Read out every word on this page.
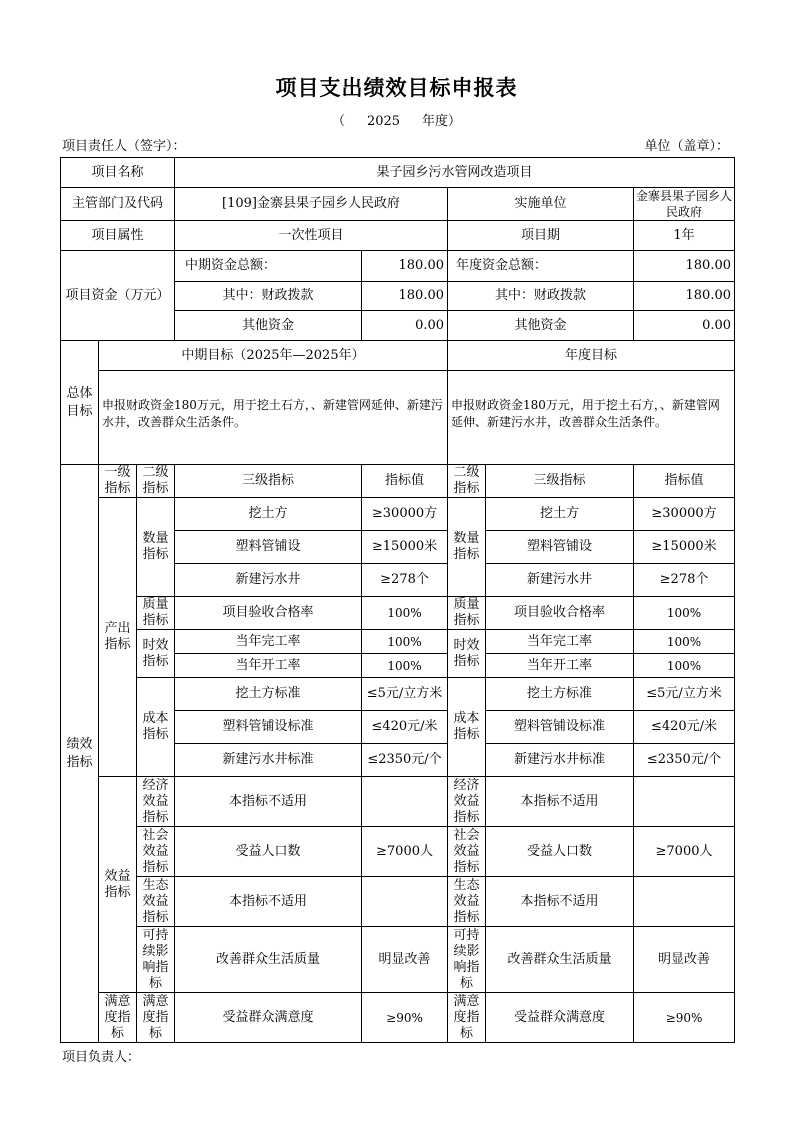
项目支出绩效目标申报表
（ 2025 年度）
项目责任人（签字）：	单位（盖章）：
项目名称			果子园乡污水管网改造项目				
主管部门及代码			[109]金寨县果子园乡人民政府		实施单位		金寨县果子园乡人民政府
项目属性			一次性项目		项目期		1年
项目资金（万元）			中期资金总额：	180.00	年度资金总额：		180.00
			其中：财政拨款	180.00	其中：财政拨款		180.00
			其他资金	0.00	其他资金		0.00
总体目标	中期目标（2025年—2025年）				年度目标		
	申报财政资金180万元，用于挖土石方，、新建管网延伸、新建污水井，改善群众生活条件。				申报财政资金180万元，用于挖土石方，、新建管网延伸、新建污水井，改善群众生活条件。		
绩效指标	一级指标	二级指标	三级指标	指标值	二级指标	三级指标	指标值
	产出指标	数量指标	挖土方	≥30000方	数量指标	挖土方	≥30000方
			塑料管铺设	≥15000米		塑料管铺设	≥15000米
			新建污水井	≥278个		新建污水井	≥278个
		质量指标	项目验收合格率	100%	质量指标	项目验收合格率	100%
		时效指标	当年完工率	100%	时效指标	当年完工率	100%
			当年开工率	100%		当年开工率	100%
		成本指标	挖土方标准	≤5元/立方米	成本指标	挖土方标准	≤5元/立方米
			塑料管铺设标准	≤420元/米		塑料管铺设标准	≤420元/米
			新建污水井标准	≤2350元/个		新建污水井标准	≤2350元/个
	效益指标	经济效益指标	本指标不适用		经济效益指标	本指标不适用	
		社会效益指标	受益人口数	≥7000人	社会效益指标	受益人口数	≥7000人
		生态效益指标	本指标不适用		生态效益指标	本指标不适用	
		可持续影响指标	改善群众生活质量	明显改善	可持续影响指标	改善群众生活质量	明显改善
	满意度指标	满意度指标	受益群众满意度	≥90%	满意度指标	受益群众满意度	≥90%
项目负责人：
